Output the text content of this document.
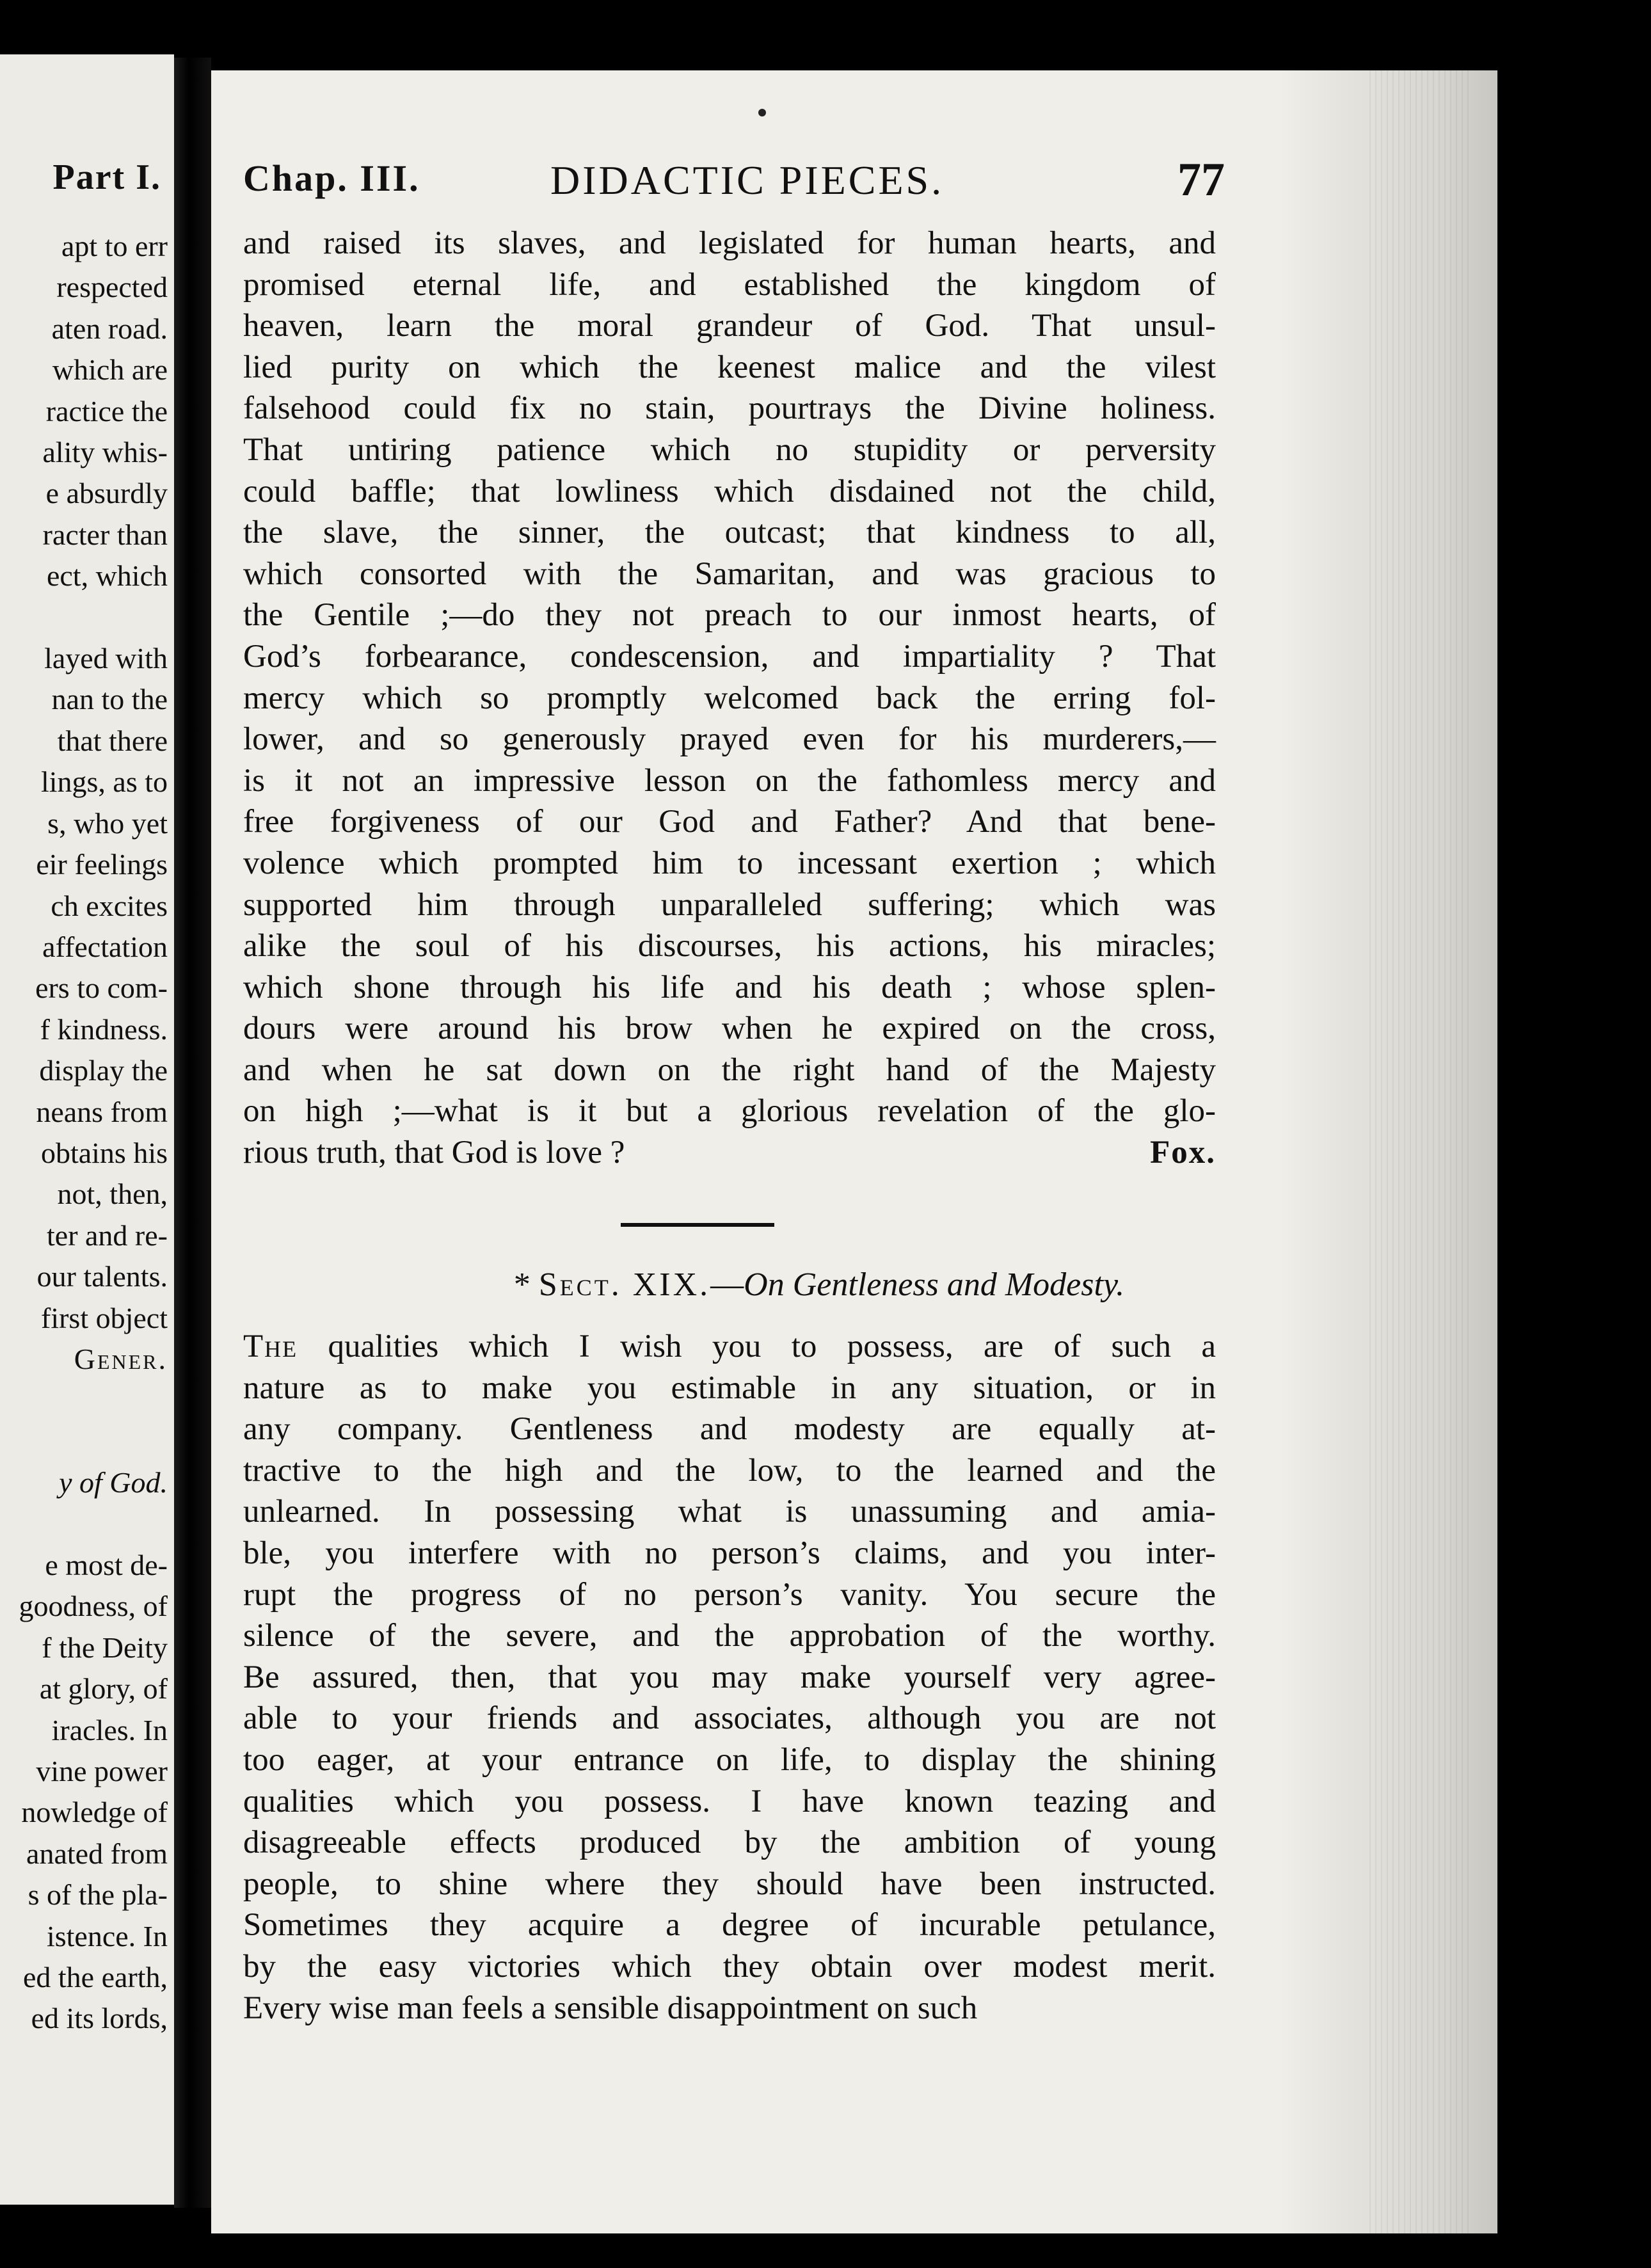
Part I.
apt to err
respected
aten road.
which are
ractice the
ality whis-
e absurdly
racter than
ect, which

layed with
nan to the
that there
lings, as to
s, who yet
eir feelings
ch excites
affectation
ers to com-
f kindness.
display the
neans from
obtains his
not, then,
ter and re-
our talents.
first object
Gener.

y of God.

e most de-
goodness, of
f the Deity
at glory, of
iracles. In
vine power
nowledge of
anated from
s of the pla-
istence. In
ed the earth,
ed its lords,
Chap. III.	DIDACTIC PIECES.	77
and raised its slaves, and legislated for human hearts, and
promised eternal life, and established the kingdom of
heaven, learn the moral grandeur of God. That unsul-
lied purity on which the keenest malice and the vilest
falsehood could fix no stain, pourtrays the Divine holiness.
That untiring patience which no stupidity or perversity
could baffle; that lowliness which disdained not the child,
the slave, the sinner, the outcast; that kindness to all,
which consorted with the Samaritan, and was gracious to
the Gentile ;—do they not preach to our inmost hearts, of
God’s forbearance, condescension, and impartiality ? That
mercy which so promptly welcomed back the erring fol-
lower, and so generously prayed even for his murderers,—
is it not an impressive lesson on the fathomless mercy and
free forgiveness of our God and Father? And that bene-
volence which prompted him to incessant exertion ; which
supported him through unparalleled suffering; which was
alike the soul of his discourses, his actions, his miracles;
which shone through his life and his death ; whose splen-
dours were around his brow when he expired on the cross,
and when he sat down on the right hand of the Majesty
on high ;—what is it but a glorious revelation of the glo-
rious truth, that God is love ?	Fox.
* Sect. XIX.—On Gentleness and Modesty.
The qualities which I wish you to possess, are of such a
nature as to make you estimable in any situation, or in
any company. Gentleness and modesty are equally at-
tractive to the high and the low, to the learned and the
unlearned. In possessing what is unassuming and amia-
ble, you interfere with no person’s claims, and you inter-
rupt the progress of no person’s vanity. You secure the
silence of the severe, and the approbation of the worthy.
Be assured, then, that you may make yourself very agree-
able to your friends and associates, although you are not
too eager, at your entrance on life, to display the shining
qualities which you possess. I have known teazing and
disagreeable effects produced by the ambition of young
people, to shine where they should have been instructed.
Sometimes they acquire a degree of incurable petulance,
by the easy victories which they obtain over modest merit.
Every wise man feels a sensible disappointment on such
